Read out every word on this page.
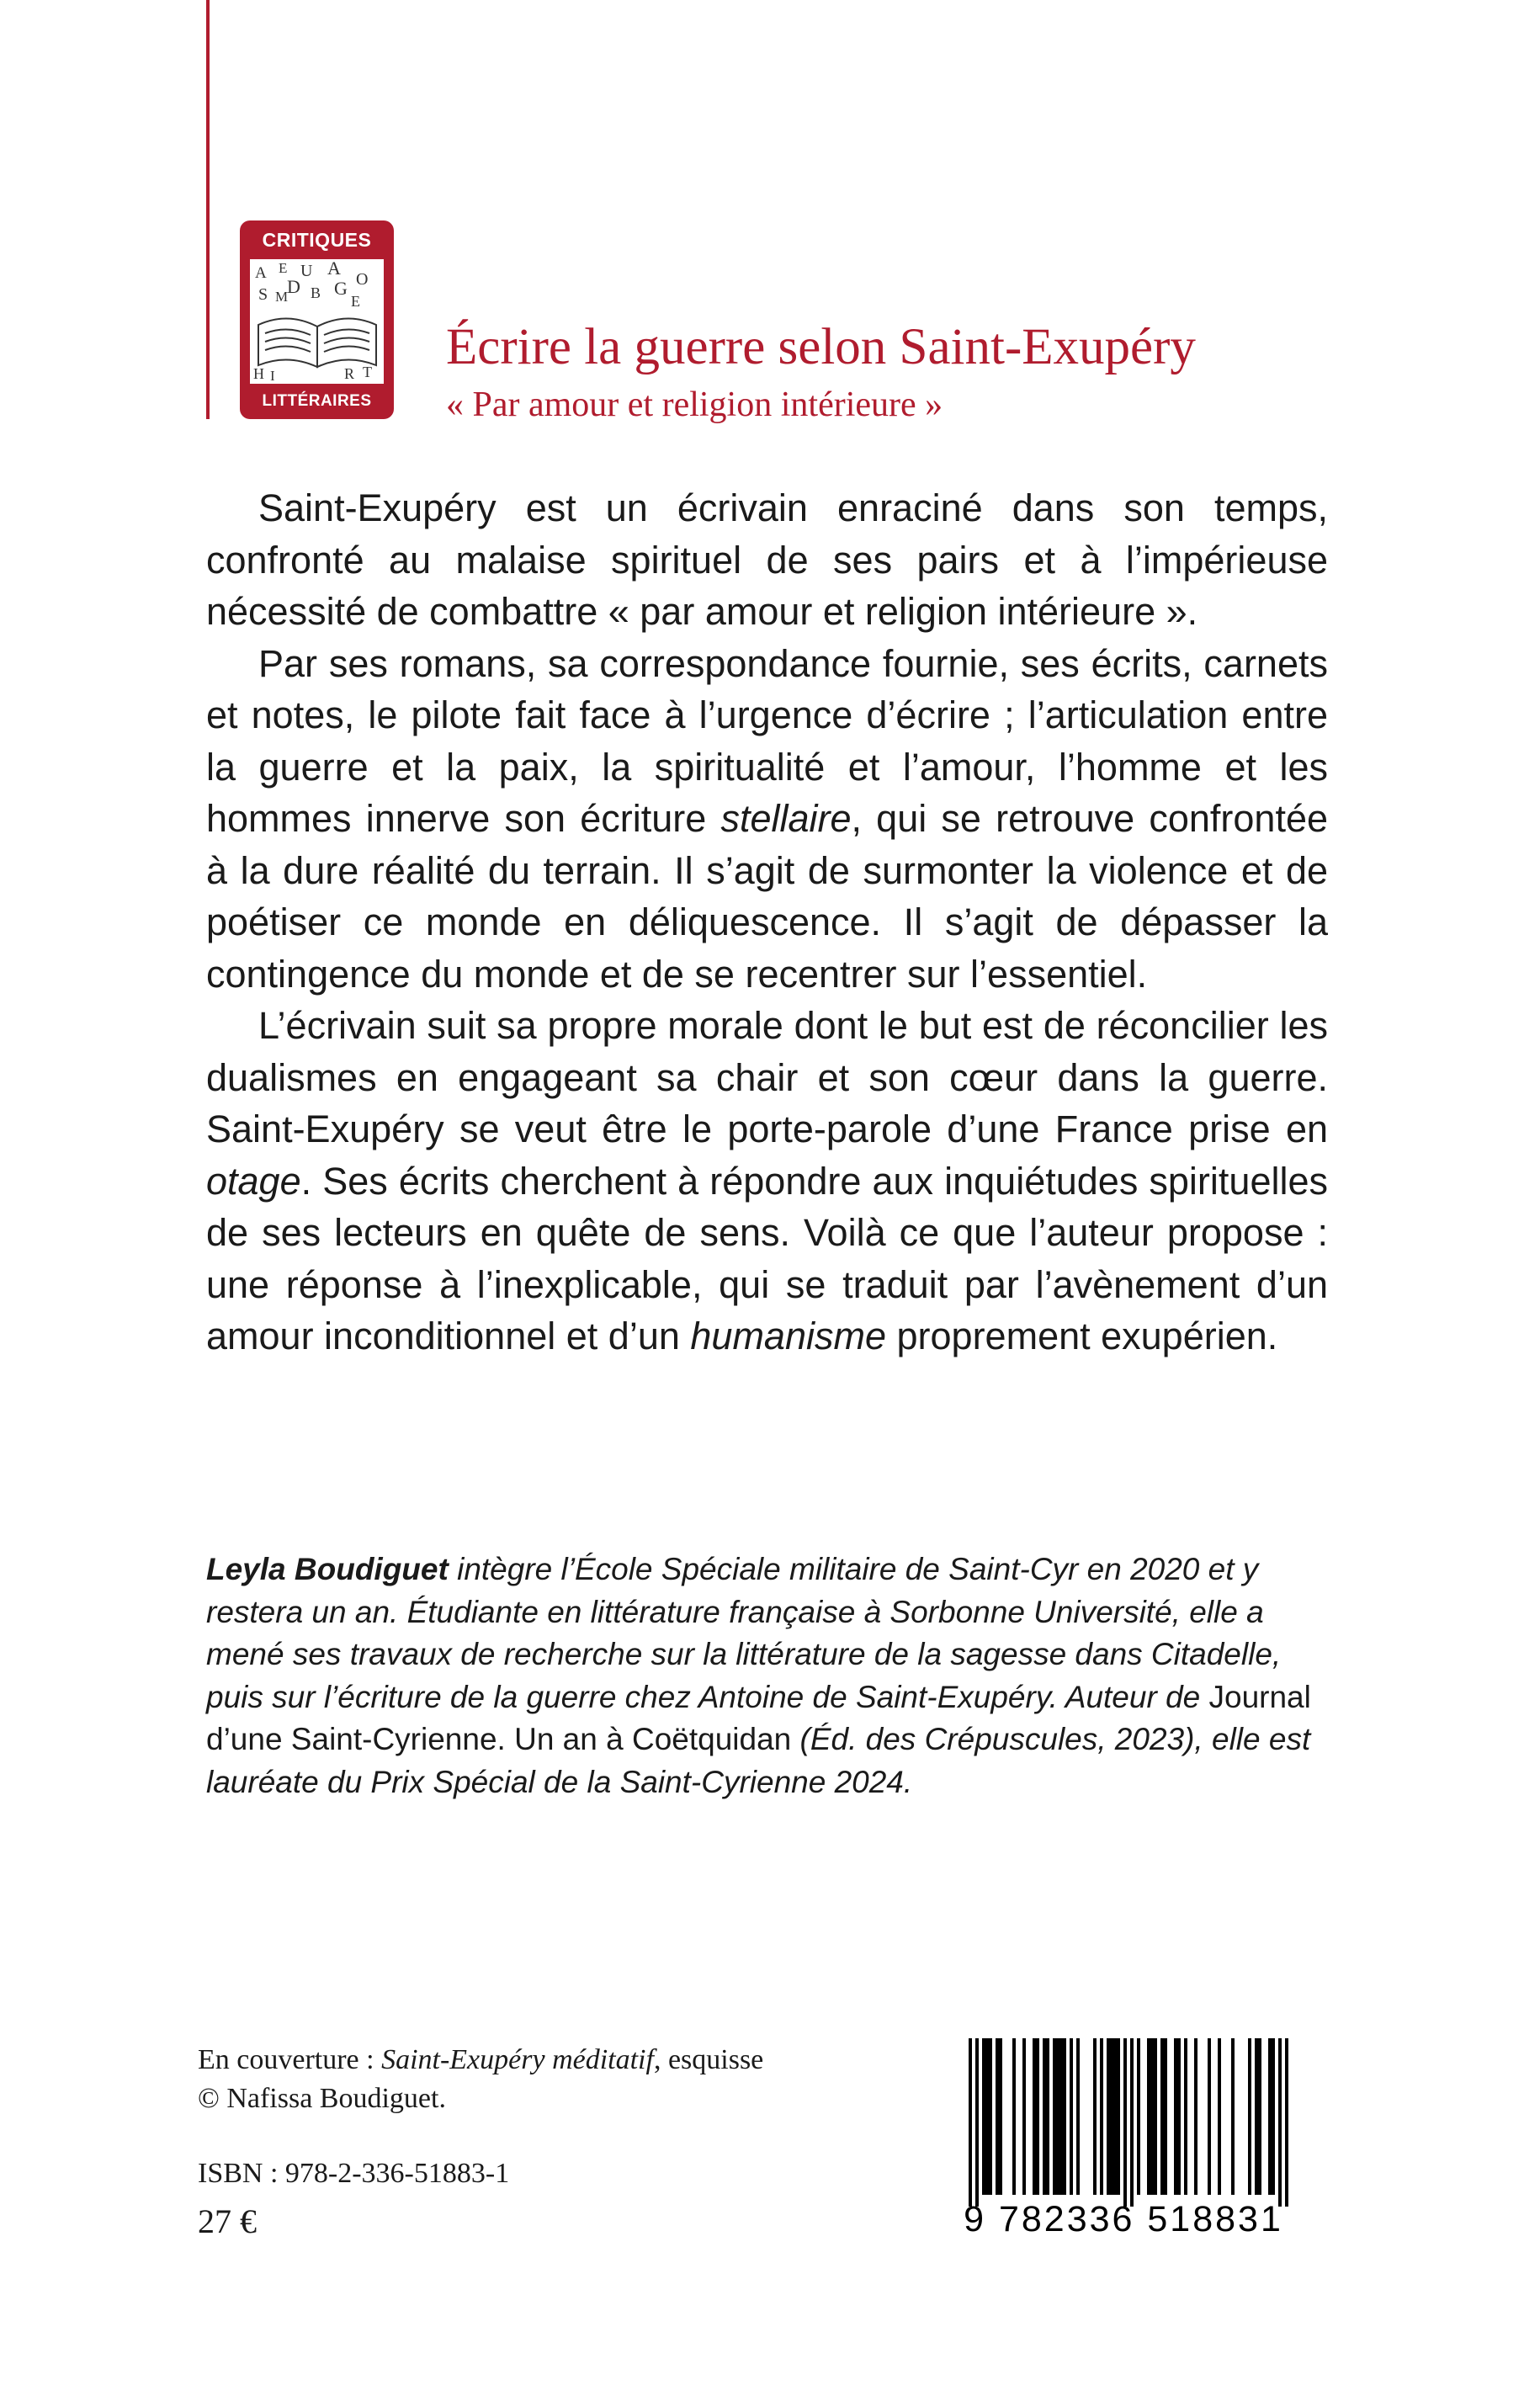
CRITIQUES
A E U A
D
S M B G
E
O
H I	R T
LITTÉRAIRES
Écrire la guerre selon Saint-Exupéry
« Par amour et religion intérieure »

Saint-Exupéry est un écrivain enraciné dans son temps, confronté au malaise spirituel de ses pairs et à l’impérieuse nécessité de combattre « par amour et religion intérieure ».

Par ses romans, sa correspondance fournie, ses écrits, carnets et notes, le pilote fait face à l’urgence d’écrire ; l’articulation entre la guerre et la paix, la spiritualité et l’amour, l’homme et les hommes innerve son écriture stellaire, qui se retrouve confrontée à la dure réalité du terrain. Il s’agit de surmonter la violence et de poétiser ce monde en déliquescence. Il s’agit de dépasser la contingence du monde et de se recentrer sur l’essentiel.

L’écrivain suit sa propre morale dont le but est de réconcilier les dualismes en engageant sa chair et son cœur dans la guerre. Saint-Exupéry se veut être le porte-parole d’une France prise en otage. Ses écrits cherchent à répondre aux inquiétudes spirituelles de ses lecteurs en quête de sens. Voilà ce que l’auteur propose : une réponse à l’inexplicable, qui se traduit par l’avènement d’un amour inconditionnel et d’un humanisme proprement exupérien.

Leyla Boudiguet intègre l’École Spéciale militaire de Saint-Cyr en 2020 et y restera un an. Étudiante en littérature française à Sorbonne Université, elle a mené ses travaux de recherche sur la littérature de la sagesse dans Citadelle, puis sur l’écriture de la guerre chez Antoine de Saint-Exupéry. Auteur de Journal d’une Saint-Cyrienne. Un an à Coëtquidan (Éd. des Crépuscules, 2023), elle est lauréate du Prix Spécial de la Saint-Cyrienne 2024.

En couverture : Saint-Exupéry méditatif, esquisse
© Nafissa Boudiguet.
ISBN : 978-2-336-51883-1
27 €	9 782336 518831
